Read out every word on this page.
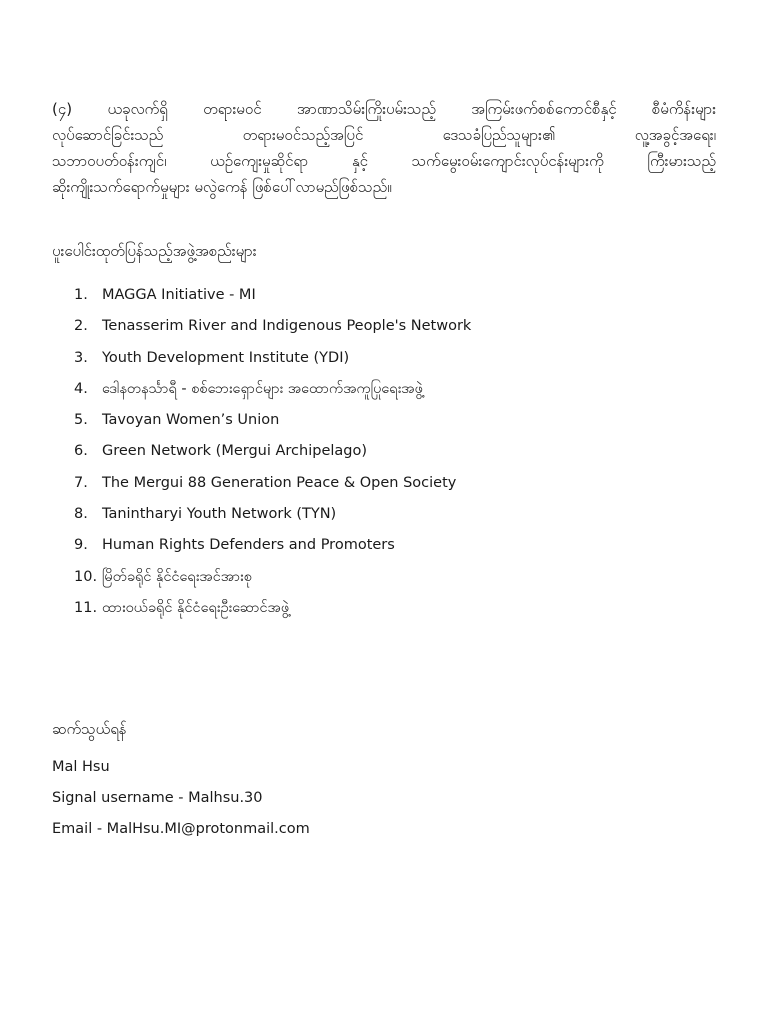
(၄) ယခုလက်ရှိ တရားမဝင် အာဏာသိမ်းကြိုးပမ်းသည့် အကြမ်းဖက်စစ်ကောင်စီနှင့် စီမံကိန်းများ
လုပ်ဆောင်ခြင်းသည် တရားမဝင်သည့်အပြင် ဒေသခံပြည်သူများ၏ လူ့အခွင့်အရေး၊
သဘာဝပတ်ဝန်းကျင်၊ ယဉ်ကျေးမှုဆိုင်ရာ နှင့် သက်မွေးဝမ်းကျောင်းလုပ်ငန်းများကို ကြီးမားသည့်
ဆိုးကျိုးသက်ရောက်မှုများ မလွဲကေန် ဖြစ်ပေါ်လာမည်ဖြစ်သည်။

ပူးပေါင်းထုတ်ပြန်သည့်အဖွဲ့အစည်းများ
1. MAGGA Initiative - MI
2. Tenasserim River and Indigenous People's Network
3. Youth Development Institute (YDI)
4. ဒေါနတနင်္သာရီ - စစ်ဘေးရှောင်များ အထောက်အကူပြုရေးအဖွဲ့
5. Tavoyan Women’s Union
6. Green Network (Mergui Archipelago)
7. The Mergui 88 Generation Peace & Open Society
8. Tanintharyi Youth Network (TYN)
9. Human Rights Defenders and Promoters
10. မြိတ်ခရိုင် နိုင်ငံရေးအင်အားစု
11. ထားဝယ်ခရိုင် နိုင်ငံရေးဦးဆောင်အဖွဲ့
ဆက်သွယ်ရန်

Mal Hsu

Signal username - Malhsu.30

Email - MalHsu.MI@protonmail.com
